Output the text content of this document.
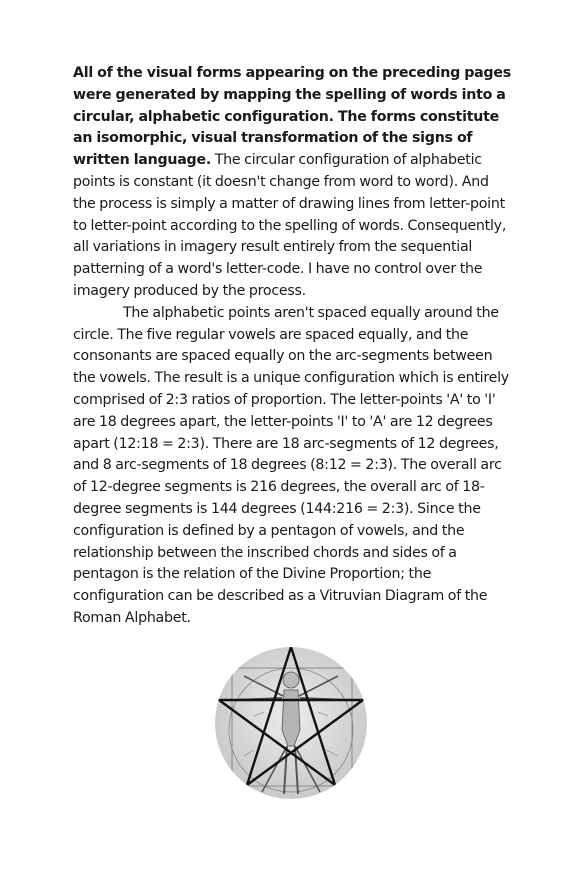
All of the visual forms appearing on the preceding pages were generated by mapping the spelling of words into a circular, alphabetic configuration. The forms constitute an isomorphic, visual transformation of the signs of written language. The circular configuration of alphabetic points is constant (it doesn't change from word to word). And the process is simply a matter of drawing lines from letter-point to letter-point according to the spelling of words. Consequently, all variations in imagery result entirely from the sequential patterning of a word's letter-code. I have no control over the imagery produced by the process.

The alphabetic points aren't spaced equally around the circle. The five regular vowels are spaced equally, and the consonants are spaced equally on the arc-segments between the vowels. The result is a unique configuration which is entirely comprised of 2:3 ratios of proportion. The letter-points 'A' to 'I' are 18 degrees apart, the letter-points 'I' to 'A' are 12 degrees apart (12:18 = 2:3). There are 18 arc-segments of 12 degrees, and 8 arc-segments of 18 degrees (8:12 = 2:3). The overall arc of 12-degree segments is 216 degrees, the overall arc of 18-degree segments is 144 degrees (144:216 = 2:3). Since the configuration is defined by a pentagon of vowels, and the relationship between the inscribed chords and sides of a pentagon is the relation of the Divine Proportion; the configuration can be described as a Vitruvian Diagram of the Roman Alphabet.
